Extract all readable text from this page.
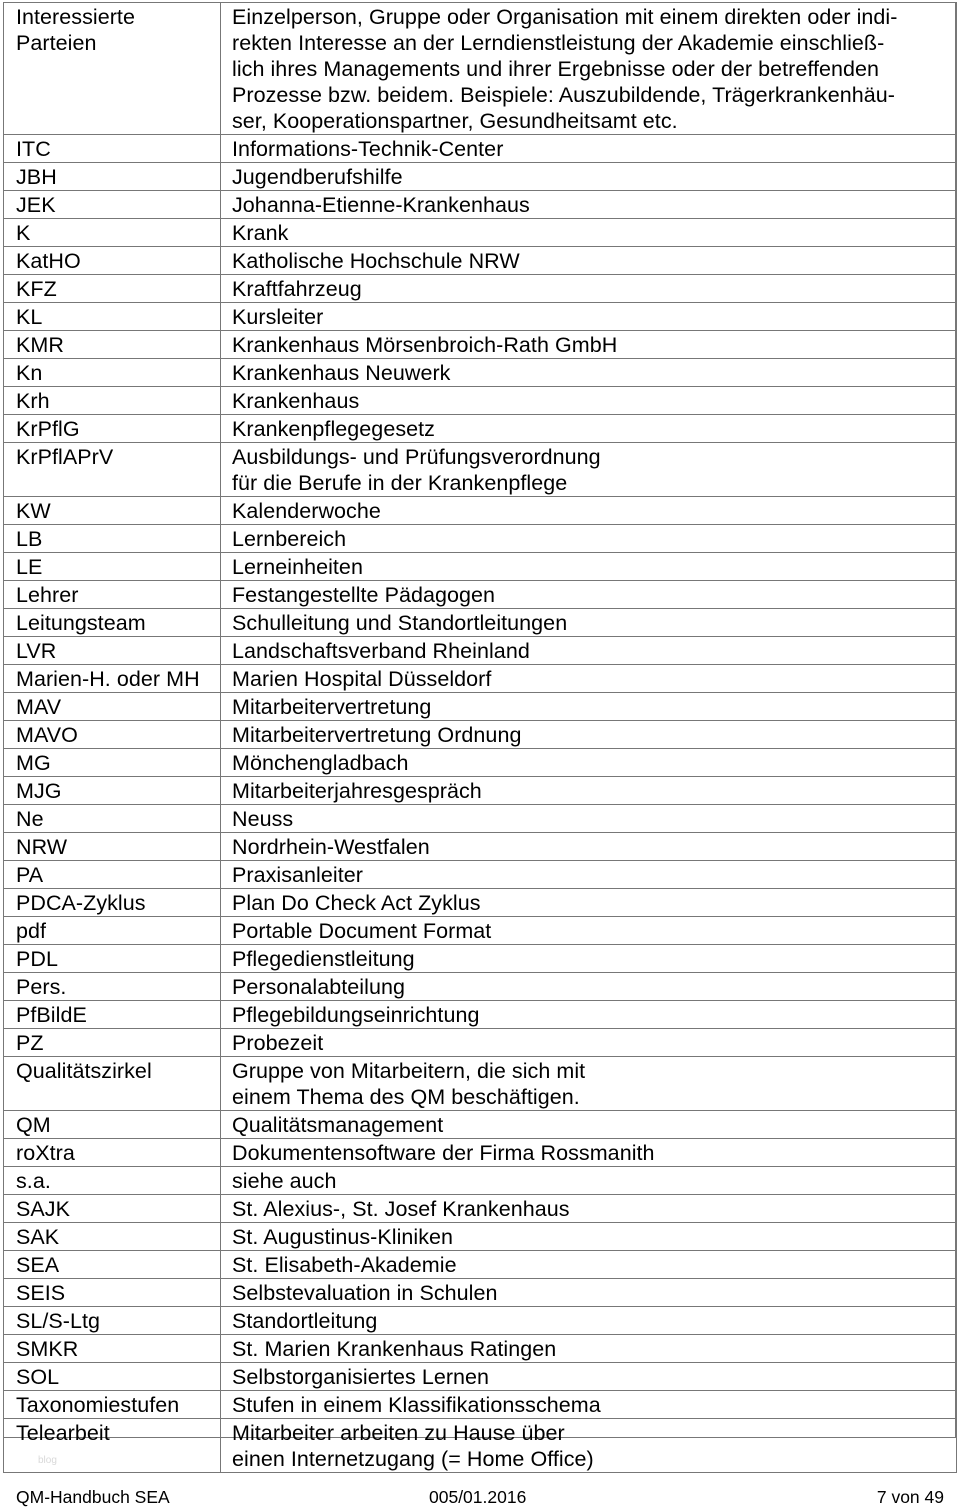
Interessierte
Parteien	Einzelperson, Gruppe oder Organisation mit einem direkten oder indi-
rekten Interesse an der Lerndienstleistung der Akademie einschließ-
lich ihres Managements und ihrer Ergebnisse oder der betreffenden
Prozesse bzw. beidem. Beispiele: Auszubildende, Trägerkrankenhäu-
ser, Kooperationspartner, Gesundheitsamt etc.
ITC	Informations-Technik-Center
JBH	Jugendberufshilfe
JEK	Johanna-Etienne-Krankenhaus
K	Krank
KatHO	Katholische Hochschule NRW
KFZ	Kraftfahrzeug
KL	Kursleiter
KMR	Krankenhaus Mörsenbroich-Rath GmbH
Kn	Krankenhaus Neuwerk
Krh	Krankenhaus
KrPflG	Krankenpflegegesetz
KrPflAPrV	Ausbildungs- und Prüfungsverordnung
für die Berufe in der Krankenpflege
KW	Kalenderwoche
LB	Lernbereich
LE	Lerneinheiten
Lehrer	Festangestellte Pädagogen
Leitungsteam	Schulleitung und Standortleitungen
LVR	Landschaftsverband Rheinland
Marien-H. oder MH	Marien Hospital Düsseldorf
MAV	Mitarbeitervertretung
MAVO	Mitarbeitervertretung Ordnung
MG	Mönchengladbach
MJG	Mitarbeiterjahresgespräch
Ne	Neuss
NRW	Nordrhein-Westfalen
PA	Praxisanleiter
PDCA-Zyklus	Plan Do Check Act Zyklus
pdf	Portable Document Format
PDL	Pflegedienstleitung
Pers.	Personalabteilung
PfBildE	Pflegebildungseinrichtung
PZ	Probezeit
Qualitätszirkel	Gruppe von Mitarbeitern, die sich mit
einem Thema des QM beschäftigen.
QM	Qualitätsmanagement
roXtra	Dokumentensoftware der Firma Rossmanith
s.a.	siehe auch
SAJK	St. Alexius-, St. Josef Krankenhaus
SAK	St. Augustinus-Kliniken
SEA	St. Elisabeth-Akademie
SEIS	Selbstevaluation in Schulen
SL/S-Ltg	Standortleitung
SMKR	St. Marien Krankenhaus Ratingen
SOL	Selbstorganisiertes Lernen
Taxonomiestufen	Stufen in einem Klassifikationsschema
Telearbeit	Mitarbeiter arbeiten zu Hause über
einen Internetzugang (= Home Office)
blog
QM-Handbuch SEA	005/01.2016	7 von 49
